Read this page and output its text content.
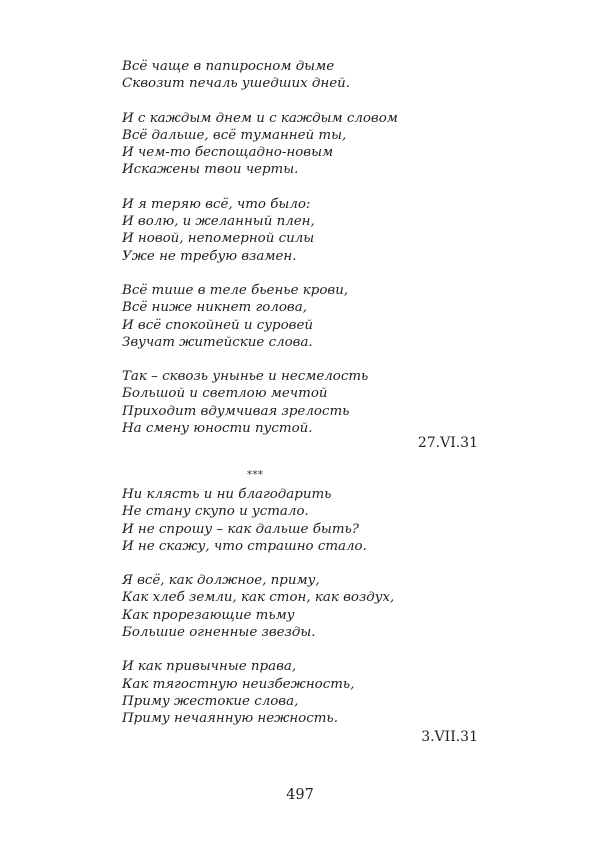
Всё чаще в папиросном дыме
Сквозит печаль ушедших дней.
И с каждым днем и с каждым словом
Всё дальше, всё туманней ты,
И чем-то беспощадно-новым
Искажены твои черты.
И я теряю всё, что было:
И волю, и желанный плен,
И новой, непомерной силы
Уже не требую взамен.
Всё тише в теле бьенье крови,
Всё ниже никнет голова,
И всё спокойней и суровей
Звучат житейские слова.
Так – сквозь унынье и несмелость
Большой и светлою мечтой
Приходит вдумчивая зрелость
На смену юности пустой.
27.VI.31
***
Ни клясть и ни благодарить
Не стану скупо и устало.
И не спрошу – как дальше быть?
И не скажу, что страшно стало.
Я всё, как должное, приму,
Как хлеб земли, как стон, как воздух,
Как прорезающие тьму
Большие огненные звезды.
И как привычные права,
Как тягостную неизбежность,
Приму жестокие слова,
Приму нечаянную нежность.
3.VII.31
497
